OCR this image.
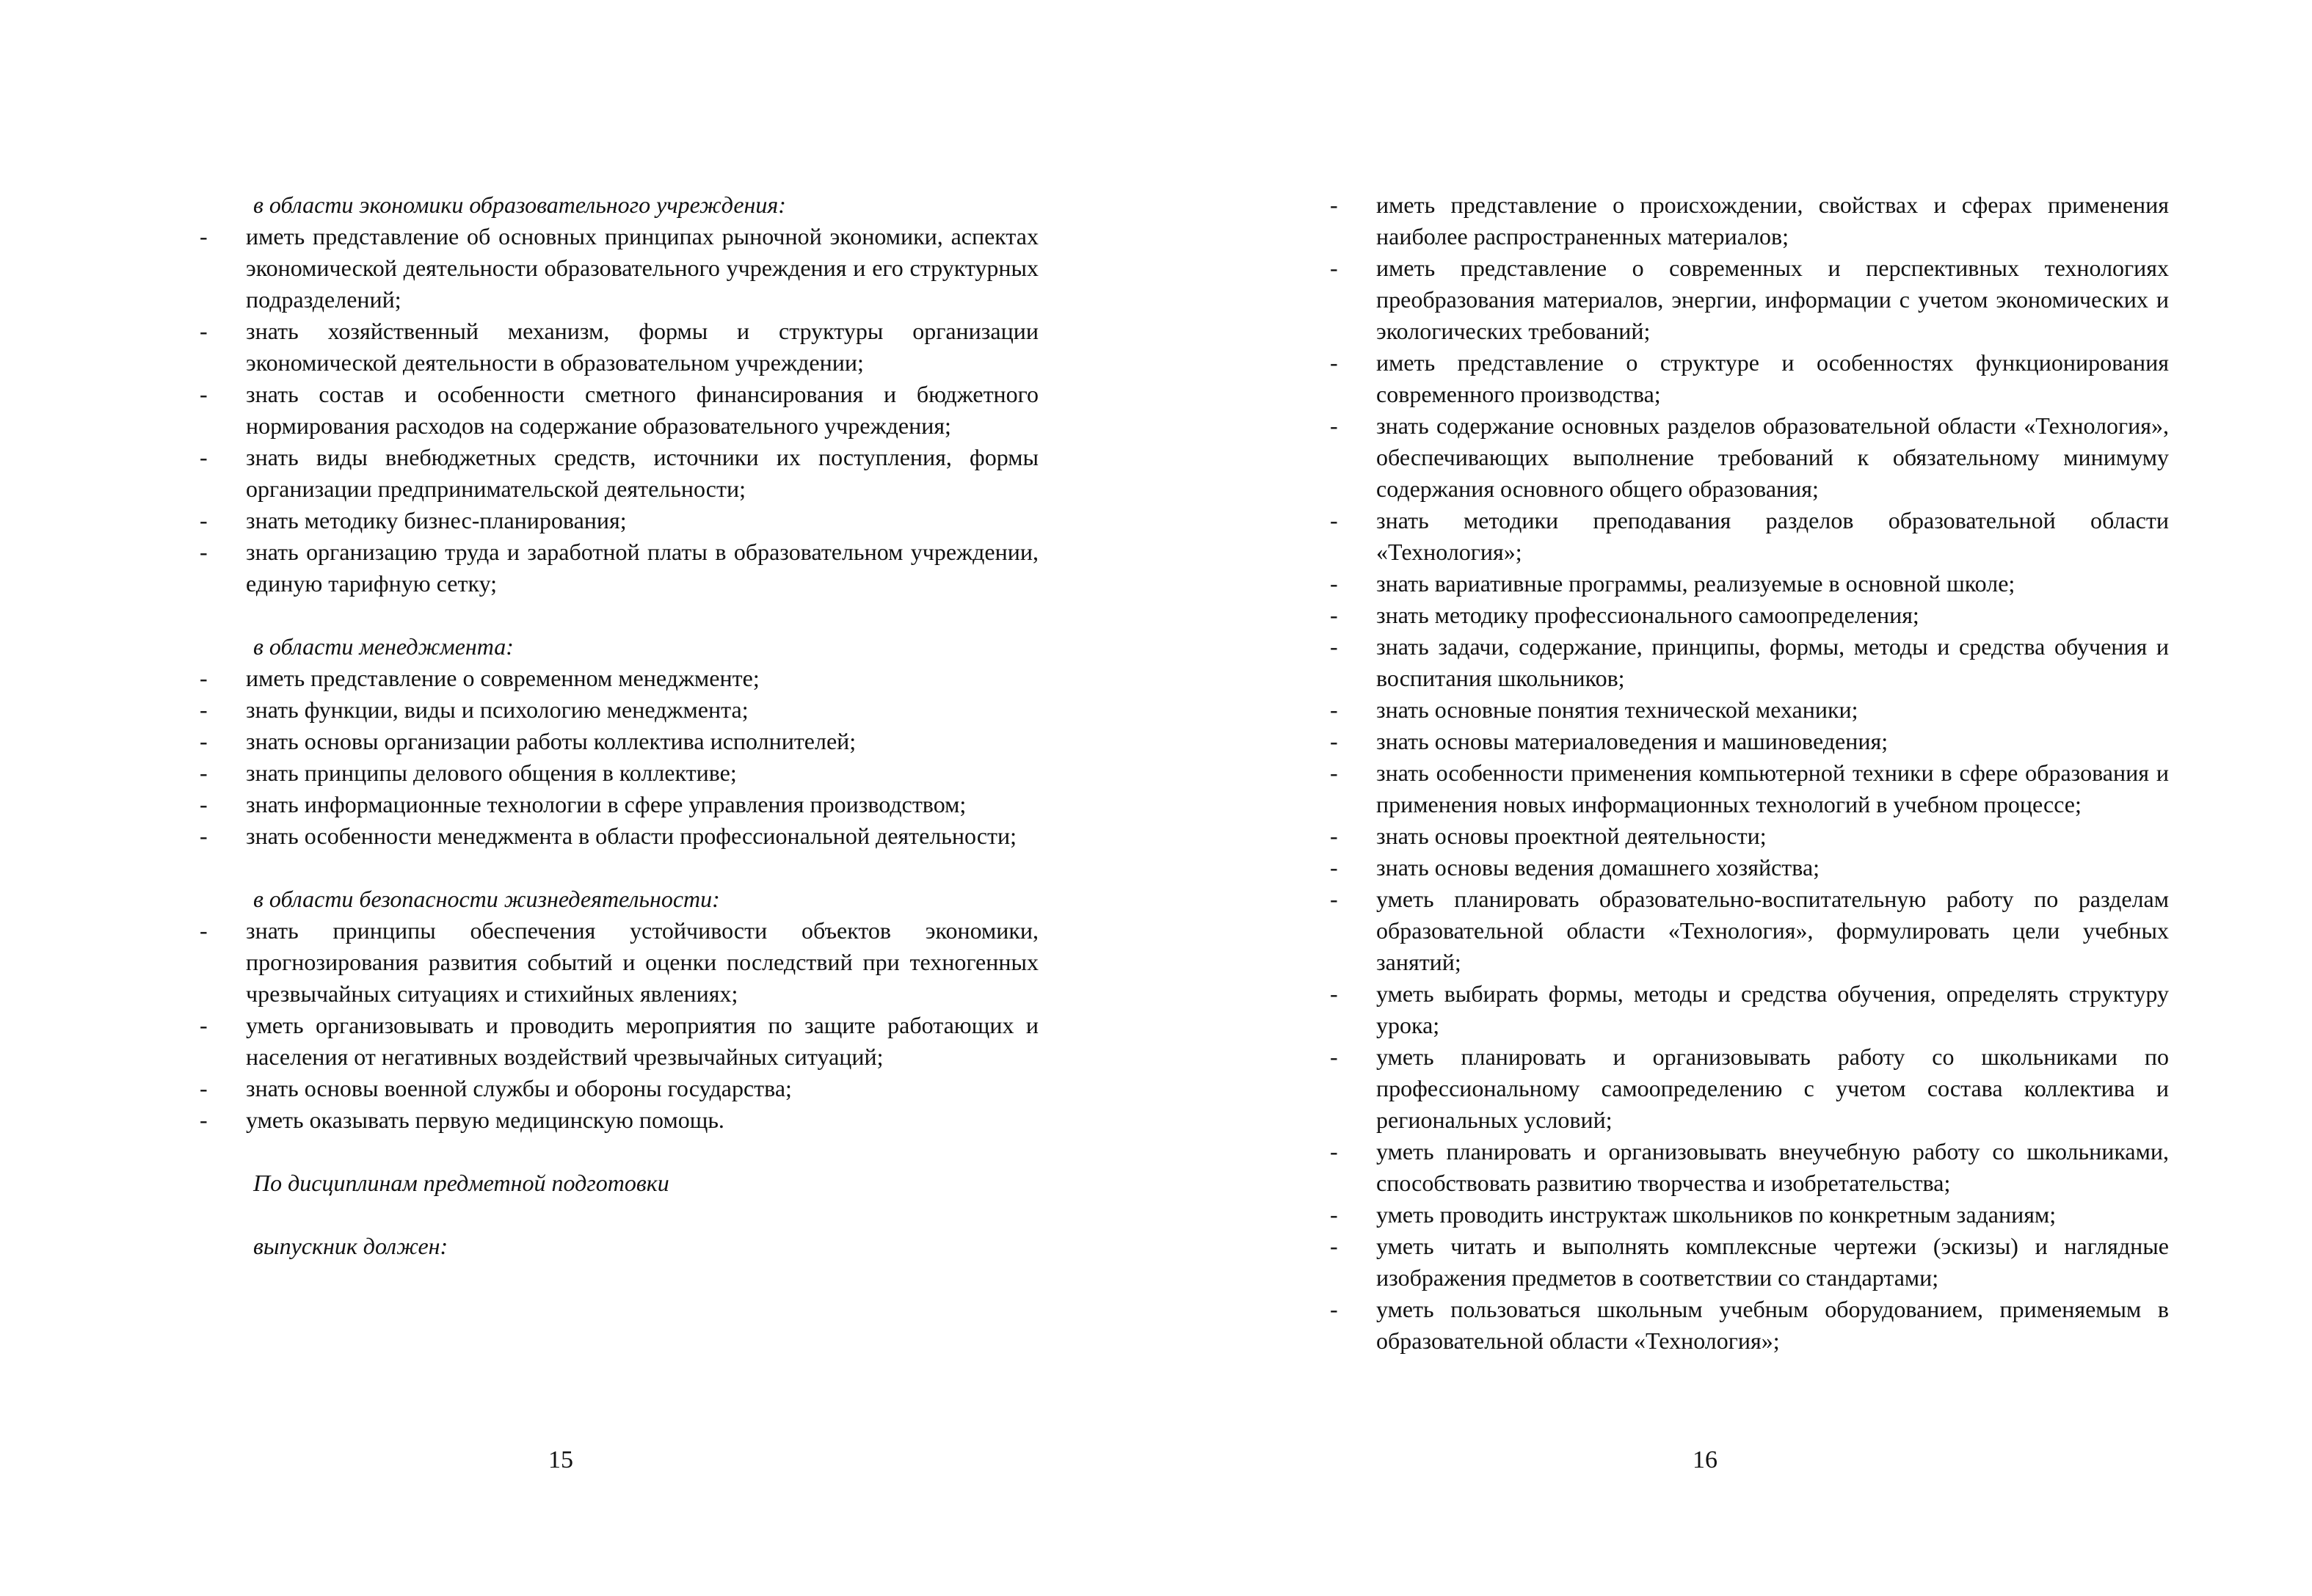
в области экономики образовательного учреждения:
-	иметь представление об основных принципах рыночной экономики, аспектах экономической деятельности образовательного учреждения и его структурных подразделений;
-	знать хозяйственный механизм, формы и структуры организации экономической деятельности в образовательном учреждении;
-	знать состав и особенности сметного финансирования и бюджетного нормирования расходов на содержание образовательного учреждения;
-	знать виды внебюджетных средств, источники их поступления, формы организации предпринимательской деятельности;
-	знать методику бизнес-планирования;
-	знать организацию труда и заработной платы в образовательном учреждении, единую тарифную сетку;
в области менеджмента:
-	иметь представление о современном менеджменте;
-	знать функции, виды и психологию менеджмента;
-	знать основы организации работы коллектива исполнителей;
-	знать принципы делового общения в коллективе;
-	знать информационные технологии в сфере управления производством;
-	знать особенности менеджмента в области профессиональной деятельности;
в области безопасности жизнедеятельности:
-	знать принципы обеспечения устойчивости объектов экономики, прогнозирования развития событий и оценки последствий при техногенных чрезвычайных ситуациях и стихийных явлениях;
-	уметь организовывать и проводить мероприятия по защите работающих и населения от негативных воздействий чрезвычайных ситуаций;
-	знать основы военной службы и обороны государства;
-	уметь оказывать первую медицинскую помощь.
По дисциплинам предметной подготовки
выпускник должен:
15
-	иметь представление о происхождении, свойствах и сферах применения наиболее распространенных материалов;
-	иметь представление о современных и перспективных технологиях преобразования материалов, энергии, информации с учетом экономических и экологических требований;
-	иметь представление о структуре и особенностях функционирования современного производства;
-	знать содержание основных разделов образовательной области «Технология», обеспечивающих выполнение требований к обязательному минимуму содержания основного общего образования;
-	знать методики преподавания разделов образовательной области «Технология»;
-	знать вариативные программы, реализуемые в основной школе;
-	знать методику профессионального самоопределения;
-	знать задачи, содержание, принципы, формы, методы и средства обучения и воспитания школьников;
-	знать основные понятия технической механики;
-	знать основы материаловедения и машиноведения;
-	знать особенности применения компьютерной техники в сфере образования и применения новых информационных технологий в учебном процессе;
-	знать основы проектной деятельности;
-	знать основы ведения домашнего хозяйства;
-	уметь планировать образовательно-воспитательную работу по разделам образовательной области «Технология», формулировать цели учебных занятий;
-	уметь выбирать формы, методы и средства обучения, определять структуру урока;
-	уметь планировать и организовывать работу со школьниками по профессиональному самоопределению с учетом состава коллектива и региональных условий;
-	уметь планировать и организовывать внеучебную работу со школьниками, способствовать развитию творчества и изобретательства;
-	уметь проводить инструктаж школьников по конкретным заданиям;
-	уметь читать и выполнять комплексные чертежи (эскизы) и наглядные изображения предметов в соответствии со стандартами;
-	уметь пользоваться школьным учебным оборудованием, применяемым в образовательной области «Технология»;
16
